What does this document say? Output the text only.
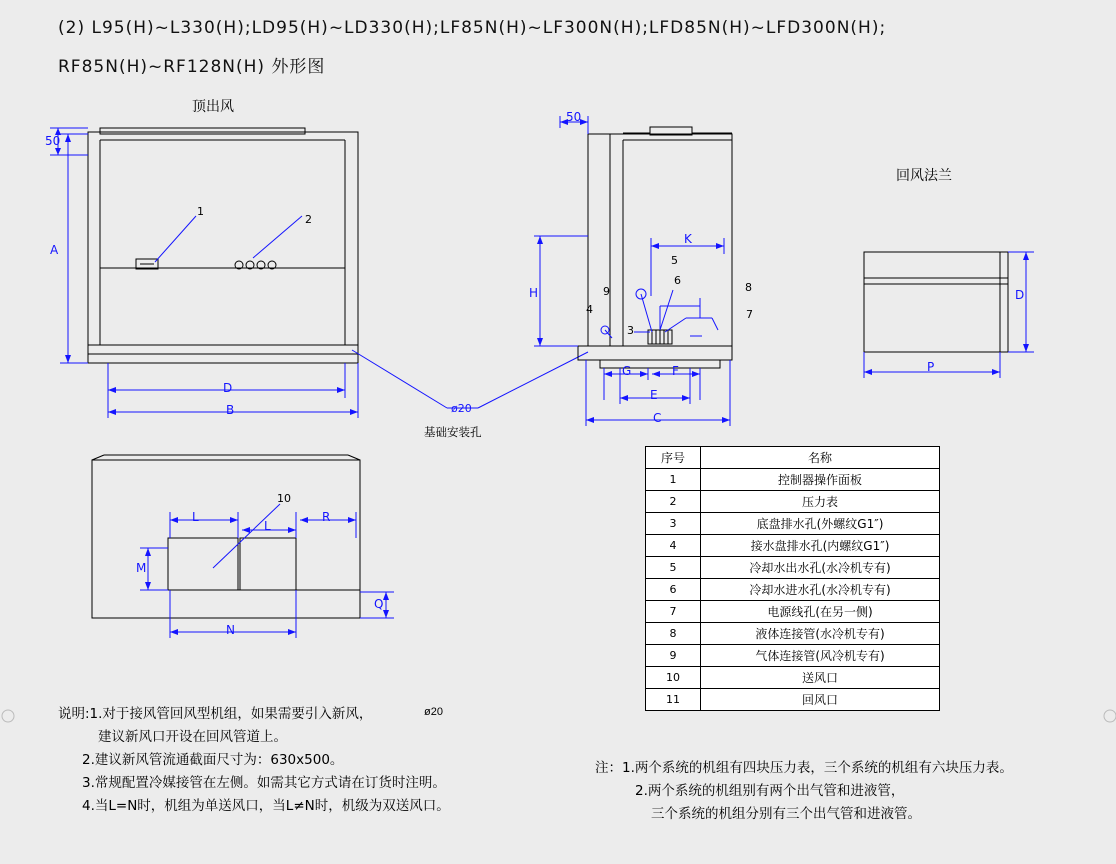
(2) L95(H)~L330(H);LD95(H)~LD330(H);LF85N(H)~LF300N(H);LFD85N(H)~LFD300N(H);
RF85N(H)~RF128N(H) 外形图
顶出风
回风法兰
ø20
ø20
基础安装孔
50
A
D
B
1
2
50
K
H
G	F
E
C
9
4
3
5
6
8
7
D
P
L
L
R
M
Q
N
10
序号	名称
1	控制器操作面板
2	压力表
3	底盘排水孔(外螺纹G1″)
4	接水盘排水孔(内螺纹G1″)
5	冷却水出水孔(水冷机专有)
6	冷却水进水孔(水冷机专有)
7	电源线孔(在另一侧)
8	液体连接管(水冷机专有)
9	气体连接管(风冷机专有)
10	送风口
11	回风口
说明:1.对于接风管回风型机组，如果需要引入新风，
建议新风口开设在回风管道上。
2.建议新风管流通截面尺寸为：630x500。
3.常规配置冷媒接管在左侧。如需其它方式请在订货时注明。
4.当L=N时，机组为单送风口，当L≠N时，机级为双送风口。
注：1.两个系统的机组有四块压力表，三个系统的机组有六块压力表。
2.两个系统的机组别有两个出气管和进液管，
三个系统的机组分别有三个出气管和进液管。
